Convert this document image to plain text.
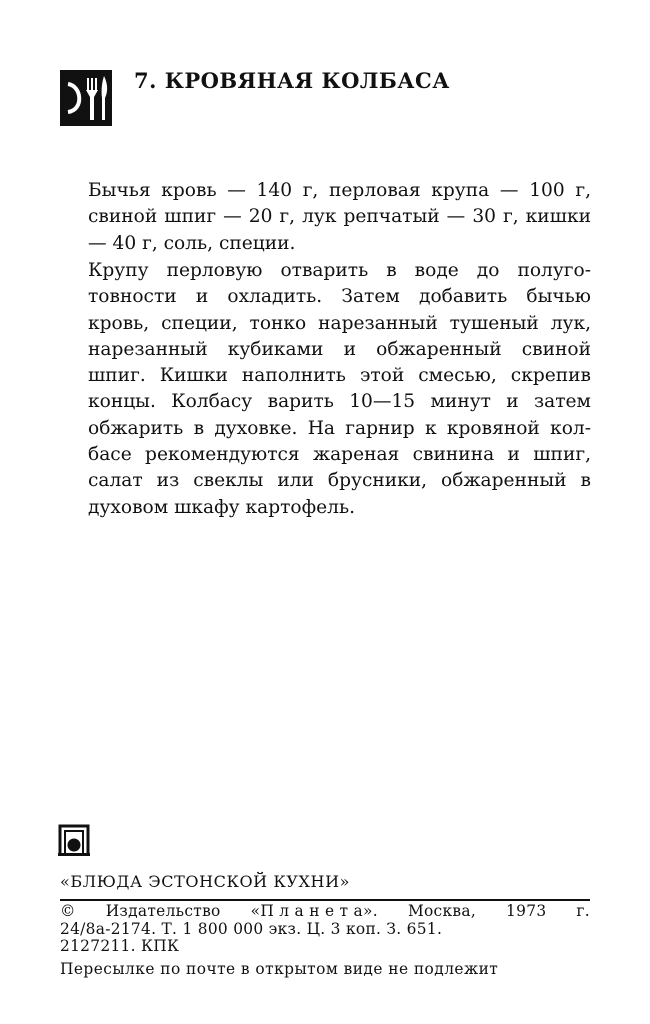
7. КРОВЯНАЯ КОЛБАСА

Бычья кровь — 140 г, перловая крупа — 100 г, свиной шпиг — 20 г, лук репчатый — 30 г, кишки — 40 г, соль, специи.

Крупу перловую отварить в воде до полуго- товности и охладить. Затем добавить бычью кровь, специи, тонко нарезанный тушеный лук, нарезанный кубиками и обжаренный свиной шпиг. Кишки наполнить этой смесью, скрепив концы. Колбасу варить 10—15 минут и затем обжарить в духовке. На гарнир к кровяной кол- басе рекомендуются жареная свинина и шпиг, салат из свеклы или брусники, обжаренный в духовом шкафу картофель.

«БЛЮДА ЭСТОНСКОЙ КУХНИ»
© Издательство «П л а н е т а». Москва, 1973 г.
24/8а-2174. Т. 1 800 000 экз. Ц. 3 коп. З. 651.
2127211. КПК
Пересылке по почте в открытом виде не подлежит
